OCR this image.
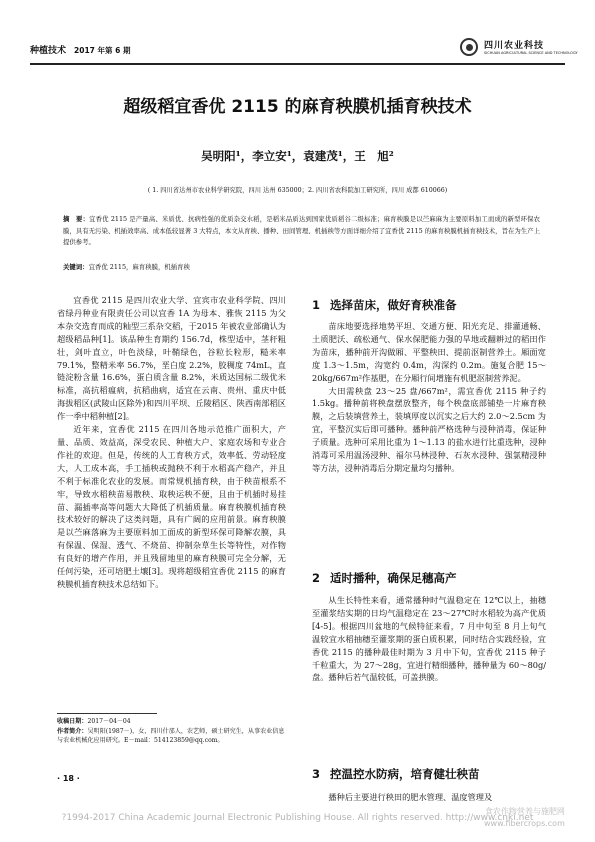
种植技术 2017 年第 6 期	四川农业科技
SICHUAN AGRICULTURAL SCIENCE AND TECHNOLOGY
超级稻宜香优 2115 的麻育秧膜机插育秧技术
吴明阳¹，李立安¹，袁建茂¹，王　旭²
( 1. 四川省达州市农业科学研究院，四川 达州 635000；2. 四川省农科院加工研究所，四川 成都 610066)
摘　要：宜香优 2115 是产量高、米质优、抗病性强的优质杂交水稻，是稻米品质达到国家优质稻谷二级标准；麻育秧膜是以苎麻麻为主要原料加工而成的新型环保农膜，具有无污染、机插效率高、成本低较显著 3 大特点，本文从育秧、播种、田间管理、机插秧等方面详细介绍了宜香优 2115 的麻育秧膜机插育秧技术，旨在为生产上提供参考。
关键词：宜香优 2115，麻育秧膜，机插育秧

宜香优 2115 是四川农业大学、宜宾市农业科学院、四川省绿丹种业有限责任公司以宜香 1A 为母本、雅恢 2115 为父本杂交选育而成的籼型三系杂交稻，于2015 年被农业部确认为超级稻品种[1]。该品种生育期约 156.7d，株型适中，茎秆粗壮，剑叶直立，叶色淡绿，叶鞘绿色，谷粒长粒形，糙米率 79.1%，整精米率 56.7%，垩白度 2.2%，胶稠度 74mL，直链淀粉含量 16.6%，蛋白质含量 8.2%，米质达国标二级优米标准，高抗稻瘟病，抗稻曲病，适宜在云南、贵州、重庆中低海拔稻区(武陵山区除外)和四川平坝、丘陵稻区、陕西南部稻区作一季中稻种植[2]。

近年来，宜香优 2115 在四川各地示范推广面积大，产量、品质、效益高，深受农民、种植大户、家庭农场和专业合作社的欢迎。但是，传统的人工育秧方式，效率低、劳动轻度大，人工成本高，手工插秧或抛秧不利于水稻高产稳产，并且不利于标准化农业的发展。而常规机插育秧，由于秧苗根系不牢，导致水稻秧苗易散秧、取秧运秧不便，且由于机插时易挂苗、漏插率高等问题大大降低了机插质量。麻育秧膜机插育秧技术较好的解决了这类问题，具有广阔的应用前景。麻育秧膜是以苎麻落麻为主要原料加工面成的新型环保可降解农膜，具有保温、保湿、透气、不烧苗、抑制杂草生长等特性，对作物有良好的增产作用，并且残留地里的麻育秧膜可完全分解，无任何污染，还可培肥土壤[3]。现将超级稻宜香优 2115 的麻育秧膜机插育秧技术总结如下。

收稿日期：2017－04－04
作者简介：吴明阳(1987－)，女，四川什邡人，农艺师，硕士研究生，从事农业信息与农业机械化应用研究。E－mail：514123859@qq.com。
· 18 ·
1 选择苗床，做好育秧准备

苗床地要选择地势平坦、交通方便、阳光充足、排灌通畅、土质肥沃、疏松通气、保水保肥能力强的旱地或翻耕过的稻田作为苗床，播种前开沟做厢、平整秧田、提前沤制营养土。厢面宽度 1.3～1.5m，沟宽约 0.4m，沟深约 0.2m。施复合肥 15～20kg/667m²作基肥，在分厢行间增施有机肥沤制营养泥。

大田需秧盘 23～25 盘/667m²，需宜香优 2115 种子约 1.5kg。播种前将秧盘摆放整齐，每个秧盘底部铺垫一片麻育秧膜，之后装填营养土，装填厚度以沉实之后大约 2.0～2.5cm 为宜，平整沉实后即可播种。播种前严格选种与浸种消毒，保证种子质量。选种可采用比重为 1～1.13 的盐水进行比重选种，浸种消毒可采用温汤浸种、福尔马林浸种、石灰水浸种、强氯精浸种等方法，浸种消毒后分期定量均匀播种。

2 适时播种，确保足穗高产

从生长特性来看，通常播种时气温稳定在 12℃以上，抽穗至灌浆结实期的日均气温稳定在 23～27℃时水稻较为高产优质[4-5]。根据四川盆地的气候特征来看，7 月中旬至 8 月上旬气温较宜水稻抽穗至灌浆期的蛋白质积累，同时结合实践经验，宜香优 2115 的播种最佳时期为 3 月中下旬，宜香优 2115 种子千粒重大，为 27～28g，宜进行精细播种，播种量为 60～80g/盘。播种后若气温较低，可盖拱膜。

3 控温控水防病，培育健壮秧苗

播种后主要进行秧田的肥水管理、温度管理及

?1994-2017 China Academic Journal Electronic Publishing House. All rights reserved. http://www.cnki.net
食农作物营养与施肥网
www.fibercrops.com
